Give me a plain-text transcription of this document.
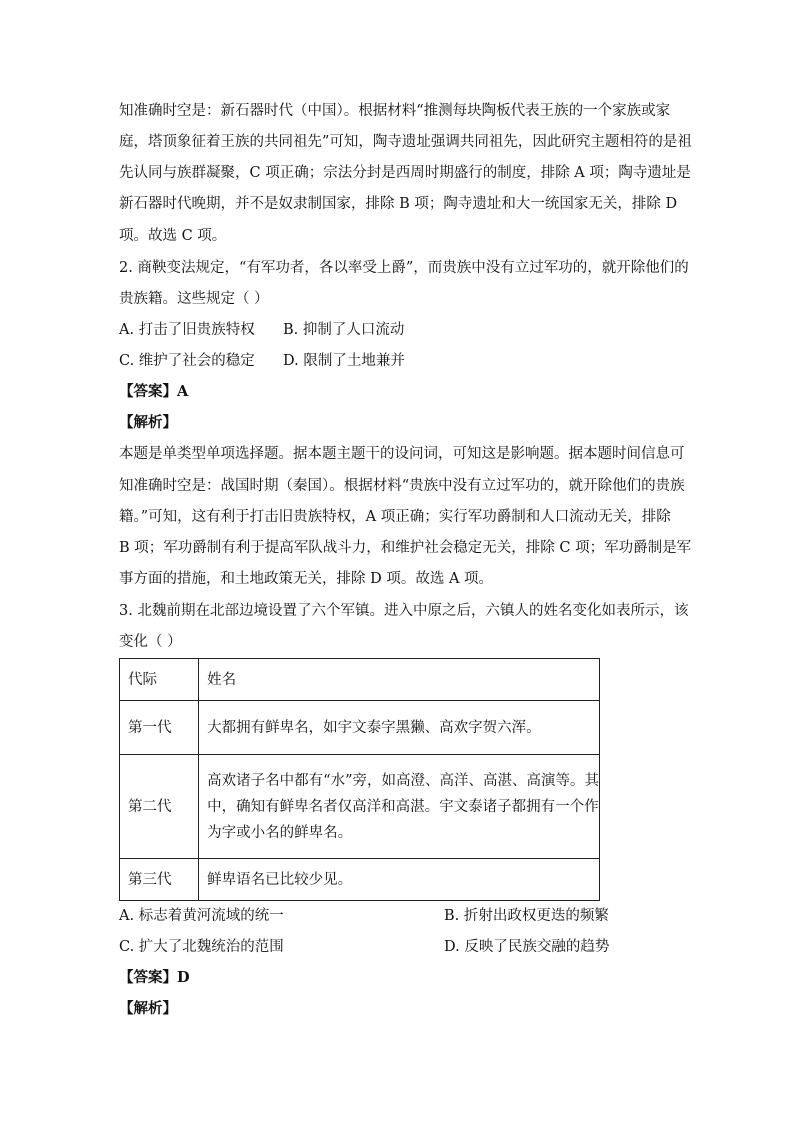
知准确时空是：新石器时代（中国）。根据材料“推测每块陶板代表王族的一个家族或家
庭，塔顶象征着王族的共同祖先”可知，陶寺遗址强调共同祖先，因此研究主题相符的是祖
先认同与族群凝聚，C 项正确；宗法分封是西周时期盛行的制度，排除 A 项；陶寺遗址是
新石器时代晚期，并不是奴隶制国家，排除 B 项；陶寺遗址和大一统国家无关，排除 D
项。故选 C 项。
2. 商鞅变法规定，“有军功者，各以率受上爵”，而贵族中没有立过军功的，就开除他们的
贵族籍。这些规定（ ）
A. 打击了旧贵族特权 B. 抑制了人口流动
C. 维护了社会的稳定 D. 限制了土地兼并
【答案】A
【解析】
本题是单类型单项选择题。据本题主题干的设问词，可知这是影响题。据本题时间信息可
知准确时空是：战国时期（秦国）。根据材料“贵族中没有立过军功的，就开除他们的贵族
籍。”可知，这有利于打击旧贵族特权，A 项正确；实行军功爵制和人口流动无关，排除
B 项；军功爵制有利于提高军队战斗力，和维护社会稳定无关，排除 C 项；军功爵制是军
事方面的措施，和土地政策无关，排除 D 项。故选 A 项。
3. 北魏前期在北部边境设置了六个军镇。进入中原之后，六镇人的姓名变化如表所示，该
变化（ ）
代际	姓名
第一代	大都拥有鲜卑名，如宇文泰字黑獭、高欢字贺六浑。

第二代	高欢诸子名中都有“水”旁，如高澄、高洋、高湛、高演等。其
中，确知有鲜卑名者仅高洋和高湛。宇文泰诸子都拥有一个作
为字或小名的鲜卑名。

第三代	鲜卑语名已比较少见。
A. 标志着黄河流域的统一	B. 折射出政权更迭的频繁
C. 扩大了北魏统治的范围	D. 反映了民族交融的趋势
【答案】D
【解析】
